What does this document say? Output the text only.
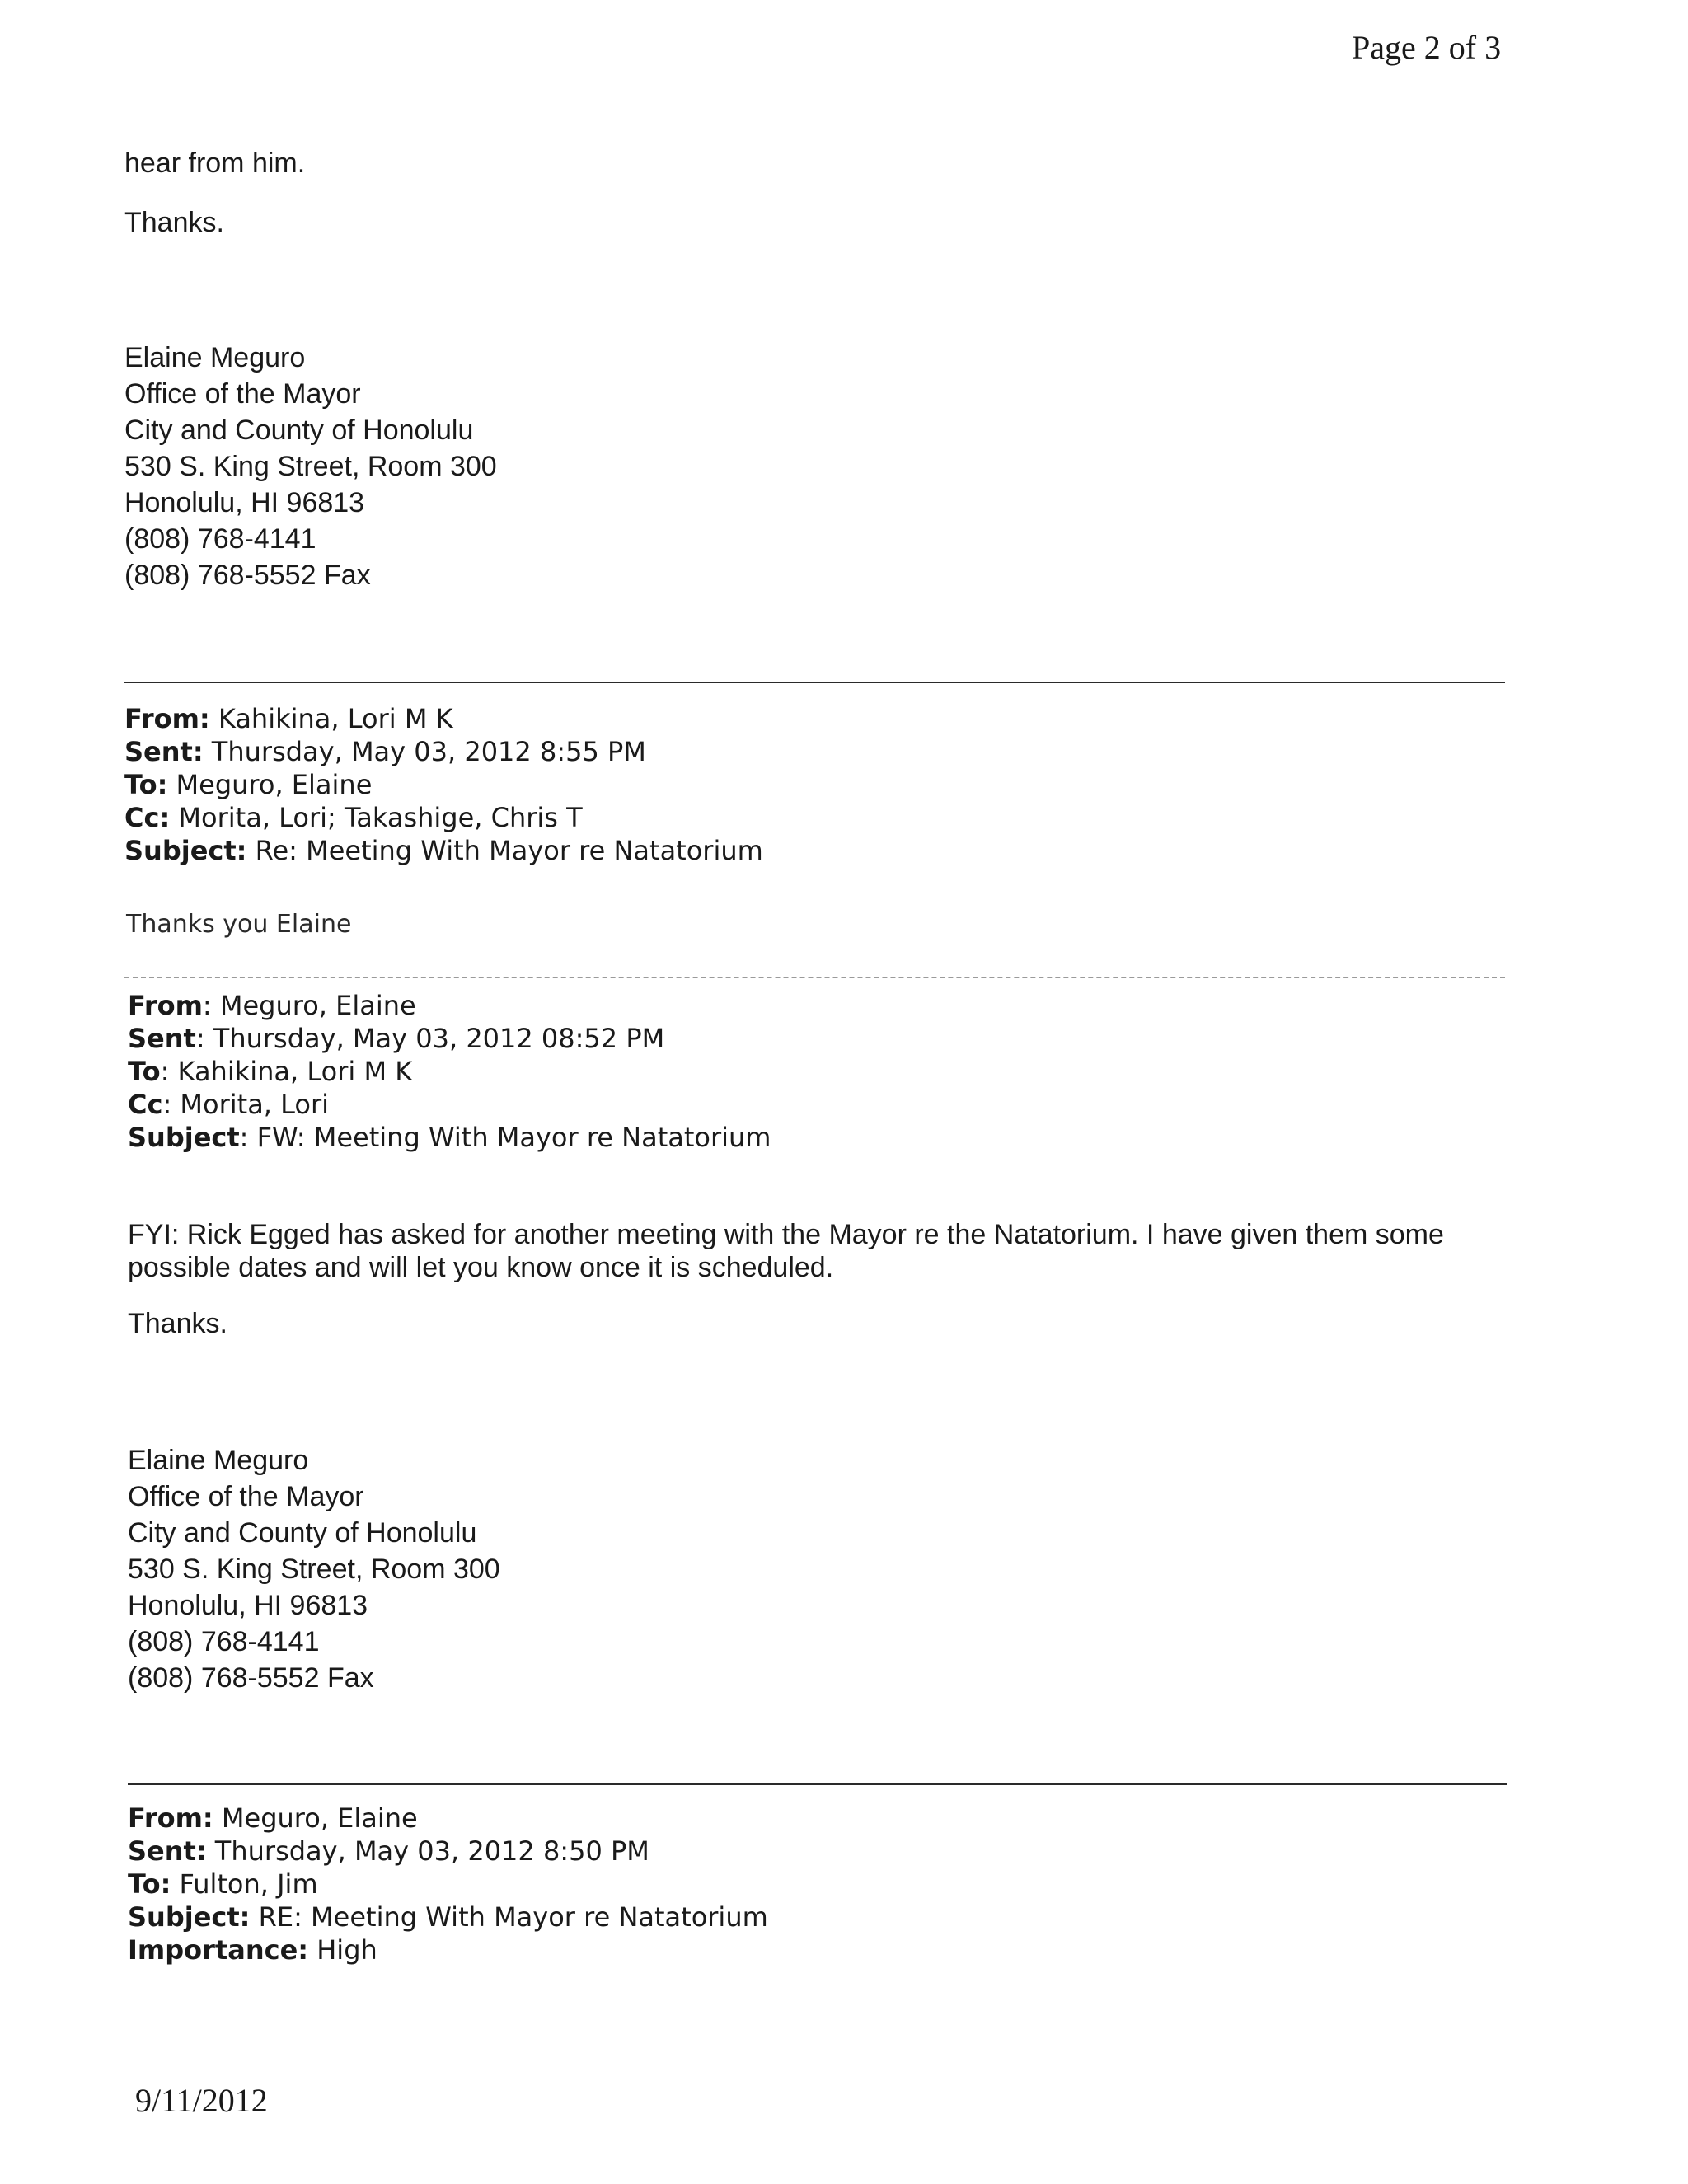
Page 2 of 3
hear from him.
Thanks.
Elaine Meguro
Office of the Mayor
City and County of Honolulu
530 S. King Street, Room 300
Honolulu, HI 96813
(808) 768-4141
(808) 768-5552 Fax
From: Kahikina, Lori M K
Sent: Thursday, May 03, 2012 8:55 PM
To: Meguro, Elaine
Cc: Morita, Lori; Takashige, Chris T
Subject: Re: Meeting With Mayor re Natatorium
Thanks you Elaine
From: Meguro, Elaine
Sent: Thursday, May 03, 2012 08:52 PM
To: Kahikina, Lori M K
Cc: Morita, Lori
Subject: FW: Meeting With Mayor re Natatorium
FYI: Rick Egged has asked for another meeting with the Mayor re the Natatorium. I have given them some possible dates and will let you know once it is scheduled.
Thanks.
Elaine Meguro
Office of the Mayor
City and County of Honolulu
530 S. King Street, Room 300
Honolulu, HI 96813
(808) 768-4141
(808) 768-5552 Fax
From: Meguro, Elaine
Sent: Thursday, May 03, 2012 8:50 PM
To: Fulton, Jim
Subject: RE: Meeting With Mayor re Natatorium
Importance: High
9/11/2012
